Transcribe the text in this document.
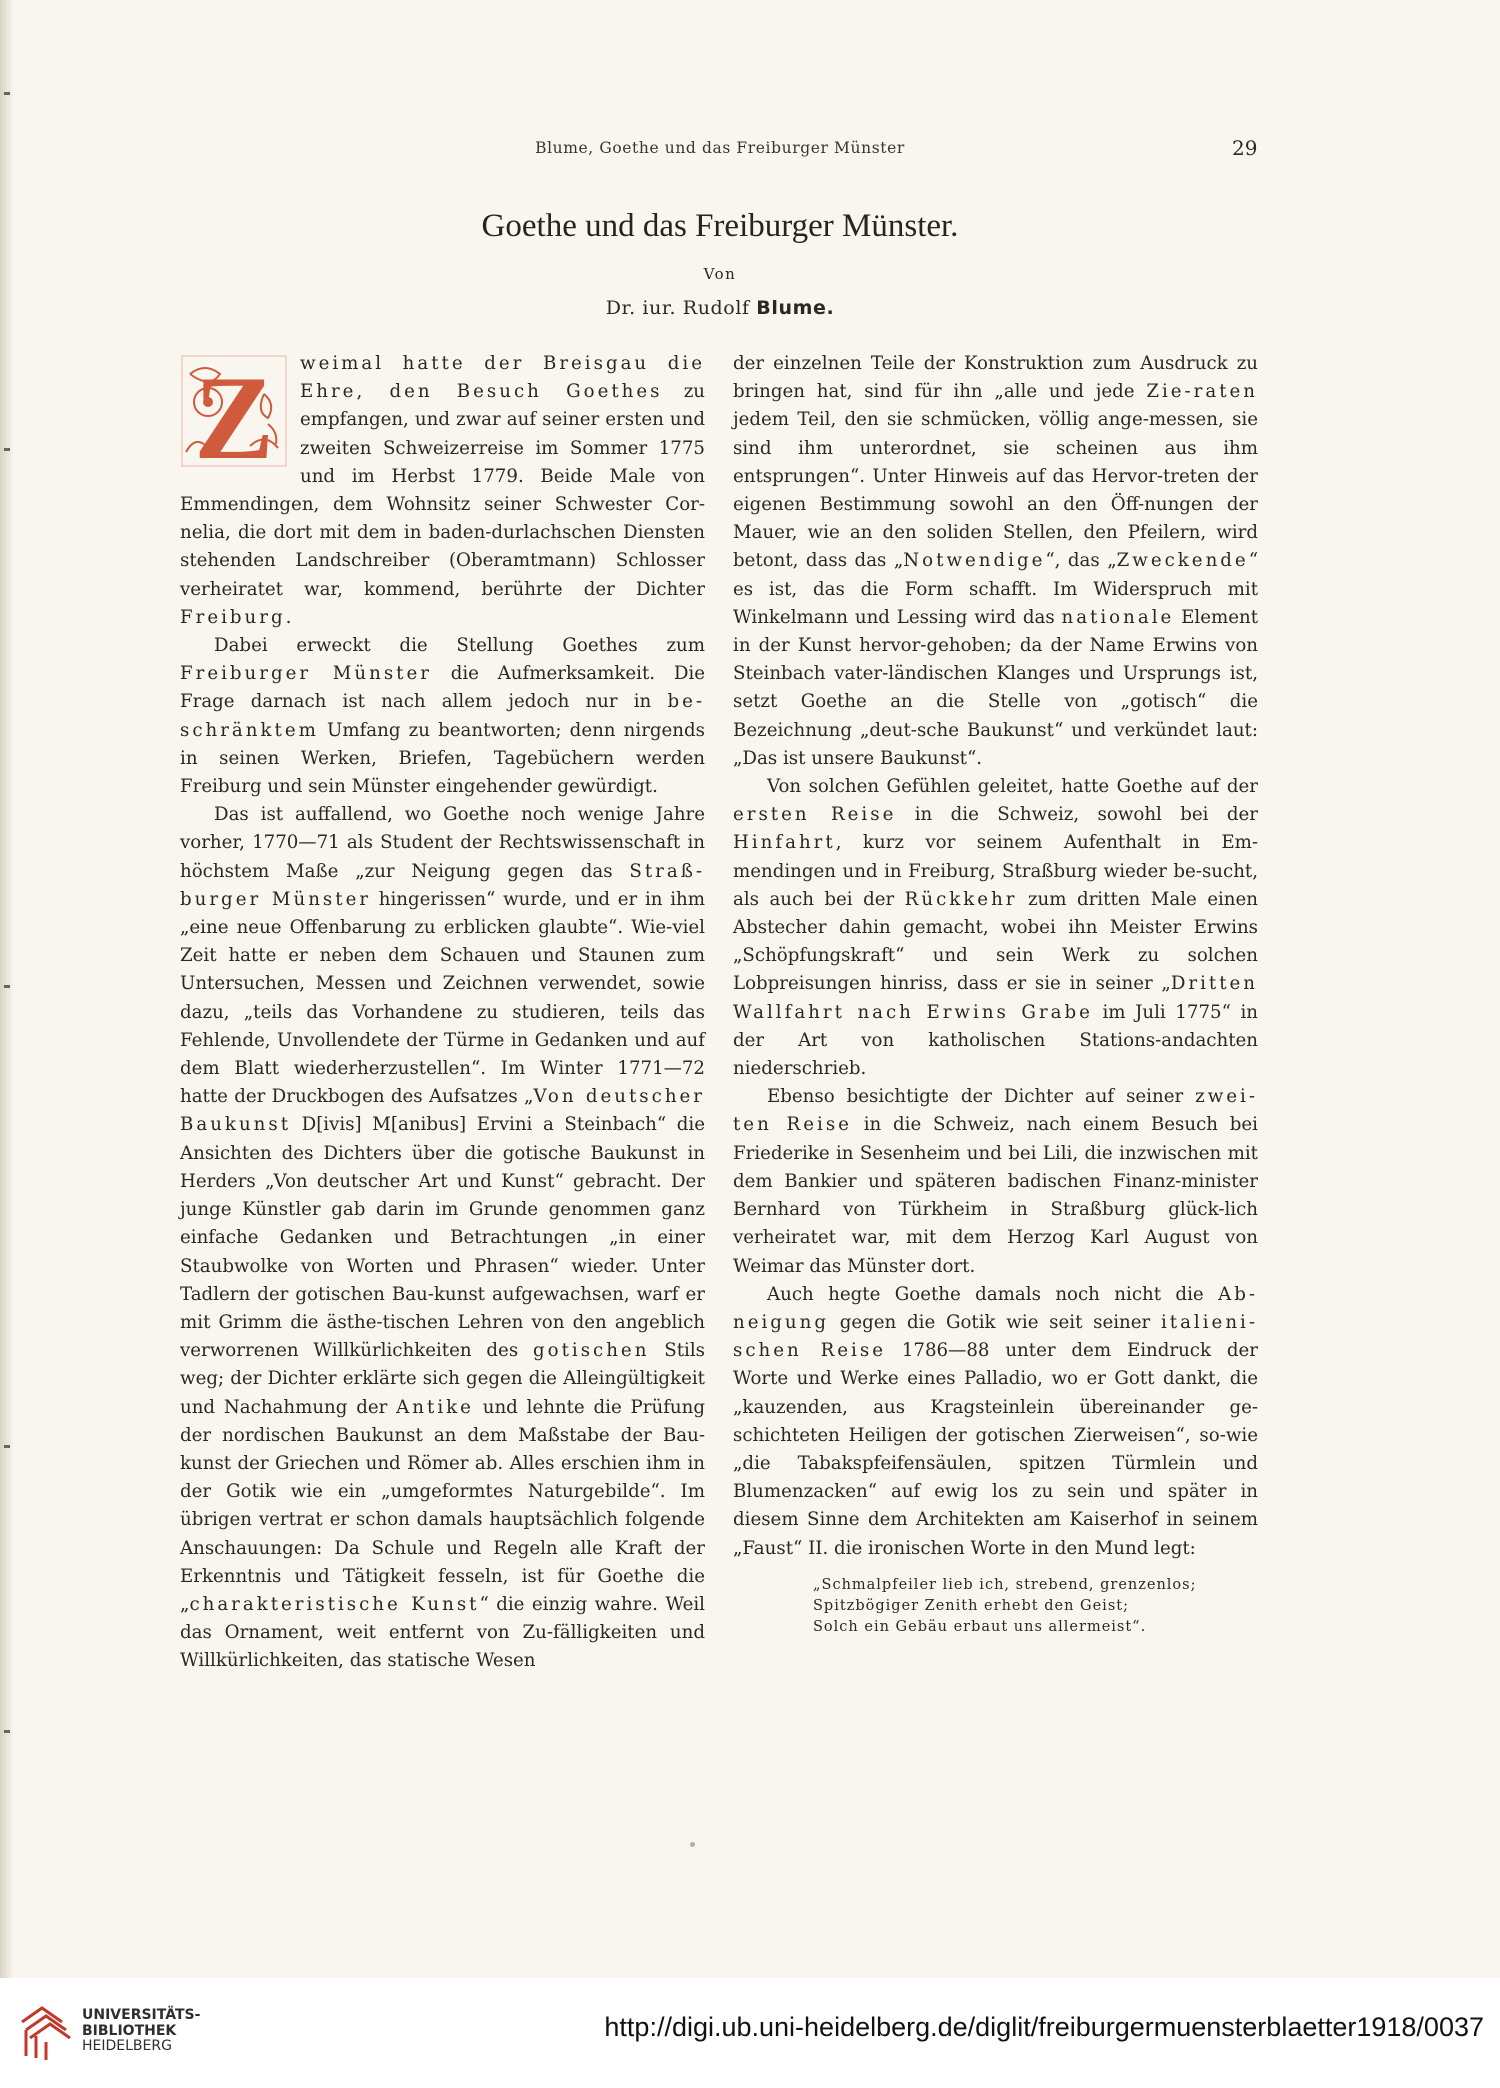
Blume, Goethe und das Freiburger Münster	29
Goethe und das Freiburger Münster.
Von
Dr. iur. Rudolf Blume.

Z weimal hatte der Breisgau die Ehre, den Besuch Goethes zu empfangen, und zwar auf seiner ersten und zweiten Schweizerreise im Sommer 1775 und im Herbst 1779. Beide Male von Emmendingen, dem Wohnsitz seiner Schwester Cor-nelia, die dort mit dem in baden-durlachschen Diensten stehenden Landschreiber (Oberamtmann) Schlosser verheiratet war, kommend, berührte der Dichter Freiburg.

Dabei erweckt die Stellung Goethes zum Freiburger Münster die Aufmerksamkeit. Die Frage darnach ist nach allem jedoch nur in be-schränktem Umfang zu beantworten; denn nirgends in seinen Werken, Briefen, Tagebüchern werden Freiburg und sein Münster eingehender gewürdigt.

Das ist auffallend, wo Goethe noch wenige Jahre vorher, 1770—71 als Student der Rechtswissenschaft in höchstem Maße „zur Neigung gegen das Straß-burger Münster hingerissen“ wurde, und er in ihm „eine neue Offenbarung zu erblicken glaubte“. Wie-viel Zeit hatte er neben dem Schauen und Staunen zum Untersuchen, Messen und Zeichnen verwendet, sowie dazu, „teils das Vorhandene zu studieren, teils das Fehlende, Unvollendete der Türme in Gedanken und auf dem Blatt wiederherzustellen“. Im Winter 1771—72 hatte der Druckbogen des Aufsatzes „Von deutscher Baukunst D[ivis] M[anibus] Ervini a Steinbach“ die Ansichten des Dichters über die gotische Baukunst in Herders „Von deutscher Art und Kunst“ gebracht. Der junge Künstler gab darin im Grunde genommen ganz einfache Gedanken und Betrachtungen „in einer Staubwolke von Worten und Phrasen“ wieder. Unter Tadlern der gotischen Bau-kunst aufgewachsen, warf er mit Grimm die ästhe-tischen Lehren von den angeblich verworrenen Willkürlichkeiten des gotischen Stils weg; der Dichter erklärte sich gegen die Alleingültigkeit und Nachahmung der Antike und lehnte die Prüfung der nordischen Baukunst an dem Maßstabe der Bau-kunst der Griechen und Römer ab. Alles erschien ihm in der Gotik wie ein „umgeformtes Naturgebilde“. Im übrigen vertrat er schon damals hauptsächlich folgende Anschauungen: Da Schule und Regeln alle Kraft der Erkenntnis und Tätigkeit fesseln, ist für Goethe die „charakteristische Kunst“ die einzig wahre. Weil das Ornament, weit entfernt von Zu-fälligkeiten und Willkürlichkeiten, das statische Wesen

der einzelnen Teile der Konstruktion zum Ausdruck zu bringen hat, sind für ihn „alle und jede Zie-raten jedem Teil, den sie schmücken, völlig ange-messen, sie sind ihm unterordnet, sie scheinen aus ihm entsprungen“. Unter Hinweis auf das Hervor-treten der eigenen Bestimmung sowohl an den Öff-nungen der Mauer, wie an den soliden Stellen, den Pfeilern, wird betont, dass das „Notwendige“, das „Zweckende“ es ist, das die Form schafft. Im Widerspruch mit Winkelmann und Lessing wird das nationale Element in der Kunst hervor-gehoben; da der Name Erwins von Steinbach vater-ländischen Klanges und Ursprungs ist, setzt Goethe an die Stelle von „gotisch“ die Bezeichnung „deut-sche Baukunst“ und verkündet laut: „Das ist unsere Baukunst“.

Von solchen Gefühlen geleitet, hatte Goethe auf der ersten Reise in die Schweiz, sowohl bei der Hinfahrt, kurz vor seinem Aufenthalt in Em-mendingen und in Freiburg, Straßburg wieder be-sucht, als auch bei der Rückkehr zum dritten Male einen Abstecher dahin gemacht, wobei ihn Meister Erwins „Schöpfungskraft“ und sein Werk zu solchen Lobpreisungen hinriss, dass er sie in seiner „Dritten Wallfahrt nach Erwins Grabe im Juli 1775“ in der Art von katholischen Stations-andachten niederschrieb.

Ebenso besichtigte der Dichter auf seiner zwei-ten Reise in die Schweiz, nach einem Besuch bei Friederike in Sesenheim und bei Lili, die inzwischen mit dem Bankier und späteren badischen Finanz-minister Bernhard von Türkheim in Straßburg glück-lich verheiratet war, mit dem Herzog Karl August von Weimar das Münster dort.

Auch hegte Goethe damals noch nicht die Ab-neigung gegen die Gotik wie seit seiner italieni-schen Reise 1786—88 unter dem Eindruck der Worte und Werke eines Palladio, wo er Gott dankt, die „kauzenden, aus Kragsteinlein übereinander ge-schichteten Heiligen der gotischen Zierweisen“, so-wie „die Tabakspfeifensäulen, spitzen Türmlein und Blumenzacken“ auf ewig los zu sein und später in diesem Sinne dem Architekten am Kaiserhof in seinem „Faust“ II. die ironischen Worte in den Mund legt:

„Schmalpfeiler lieb ich, strebend, grenzenlos;
Spitzbögiger Zenith erhebt den Geist;
Solch ein Gebäu erbaut uns allermeist“.
UNIVERSITÄTS-
BIBLIOTHEK
HEIDELBERG
http://digi.ub.uni-heidelberg.de/diglit/freiburgermuensterblaetter1918/0037
